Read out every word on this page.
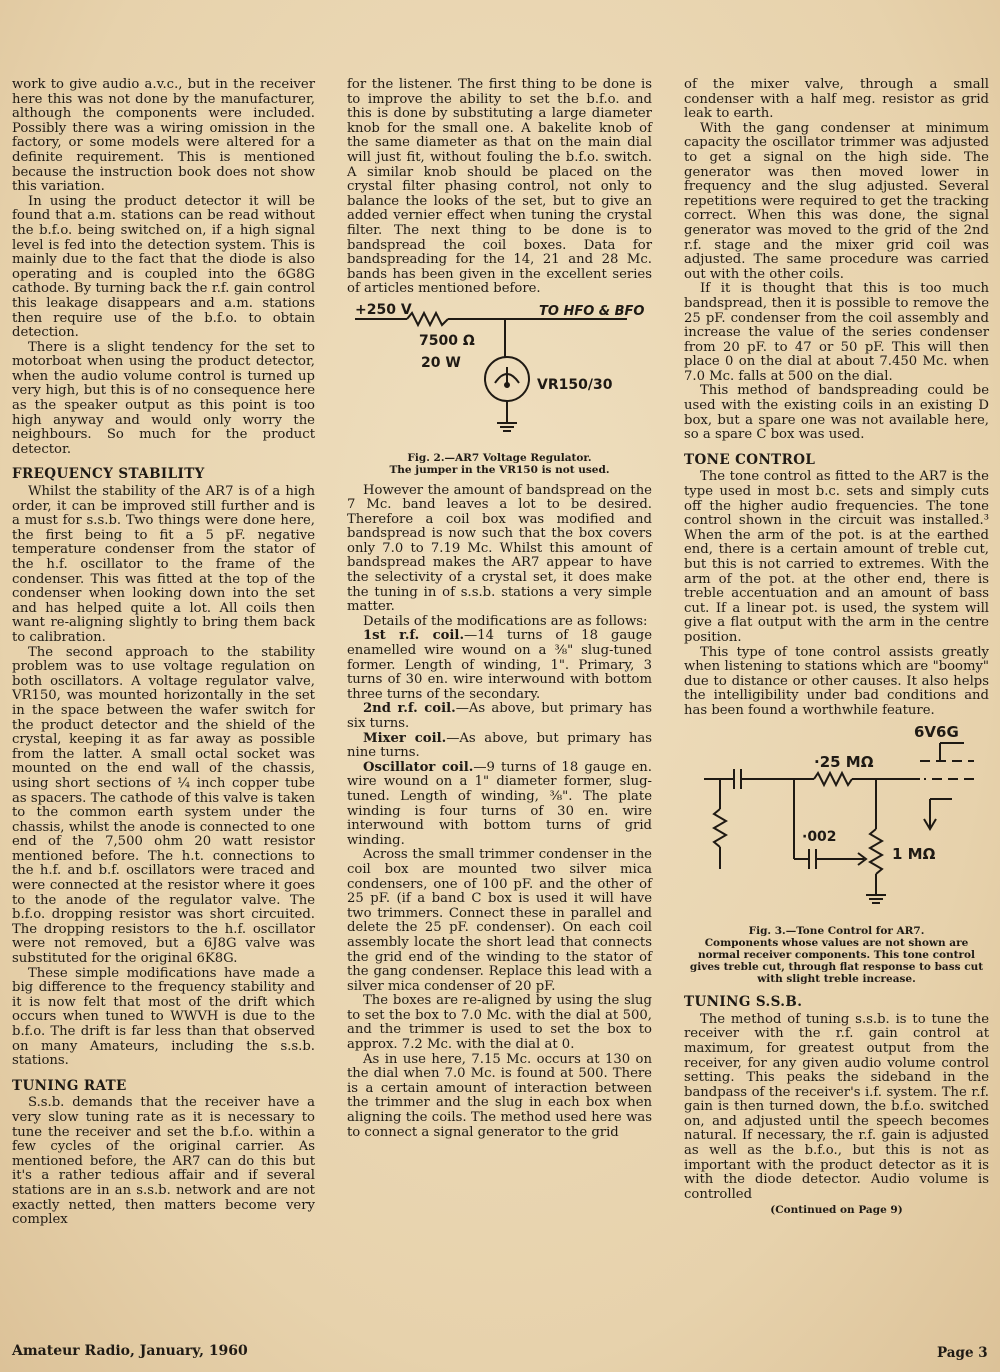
work to give audio a.v.c., but in the receiver here this was not done by the manufacturer, although the components were included. Possibly there was a wiring omission in the factory, or some models were altered for a definite requirement. This is mentioned because the instruction book does not show this variation.

In using the product detector it will be found that a.m. stations can be read without the b.f.o. being switched on, if a high signal level is fed into the detection system. This is mainly due to the fact that the diode is also operating and is coupled into the 6G8G cathode. By turning back the r.f. gain control this leakage disappears and a.m. stations then require use of the b.f.o. to obtain detection.

There is a slight tendency for the set to motorboat when using the product detector, when the audio volume control is turned up very high, but this is of no consequence here as the speaker output as this point is too high anyway and would only worry the neighbours. So much for the product detector.

FREQUENCY STABILITY

Whilst the stability of the AR7 is of a high order, it can be improved still further and is a must for s.s.b. Two things were done here, the first being to fit a 5 pF. negative temperature condenser from the stator of the h.f. oscillator to the frame of the condenser. This was fitted at the top of the condenser when looking down into the set and has helped quite a lot. All coils then want re-aligning slightly to bring them back to calibration.

The second approach to the stability problem was to use voltage regulation on both oscillators. A voltage regulator valve, VR150, was mounted horizontally in the set in the space between the wafer switch for the product detector and the shield of the crystal, keeping it as far away as possible from the latter. A small octal socket was mounted on the end wall of the chassis, using short sections of ¼ inch copper tube as spacers. The cathode of this valve is taken to the common earth system under the chassis, whilst the anode is connected to one end of the 7,500 ohm 20 watt resistor mentioned before. The h.t. connections to the h.f. and b.f. oscillators were traced and were connected at the resistor where it goes to the anode of the regulator valve. The b.f.o. dropping resistor was short circuited. The dropping resistors to the h.f. oscillator were not removed, but a 6J8G valve was substituted for the original 6K8G.

These simple modifications have made a big difference to the frequency stability and it is now felt that most of the drift which occurs when tuned to WWVH is due to the b.f.o. The drift is far less than that observed on many Amateurs, including the s.s.b. stations.

TUNING RATE

S.s.b. demands that the receiver have a very slow tuning rate as it is necessary to tune the receiver and set the b.f.o. within a few cycles of the original carrier. As mentioned before, the AR7 can do this but it's a rather tedious affair and if several stations are in an s.s.b. network and are not exactly netted, then matters become very complex

for the listener. The first thing to be done is to improve the ability to set the b.f.o. and this is done by substituting a large diameter knob for the small one. A bakelite knob of the same diameter as that on the main dial will just fit, without fouling the b.f.o. switch. A similar knob should be placed on the crystal filter phasing control, not only to balance the looks of the set, but to give an added vernier effect when tuning the crystal filter. The next thing to be done is to bandspread the coil boxes. Data for bandspreading for the 14, 21 and 28 Mc. bands has been given in the excellent series of articles mentioned before.

+250 V	TO HFO & BFO
7500 Ω
20 W
VR150/30
Fig. 2.—AR7 Voltage Regulator.
The jumper in the VR150 is not used.

However the amount of bandspread on the 7 Mc. band leaves a lot to be desired. Therefore a coil box was modified and bandspread is now such that the box covers only 7.0 to 7.19 Mc. Whilst this amount of bandspread makes the AR7 appear to have the selectivity of a crystal set, it does make the tuning in of s.s.b. stations a very simple matter.

Details of the modifications are as follows:

1st r.f. coil.—14 turns of 18 gauge enamelled wire wound on a ⅜" slug-tuned former. Length of winding, 1". Primary, 3 turns of 30 en. wire interwound with bottom three turns of the secondary.

2nd r.f. coil.—As above, but primary has six turns.

Mixer coil.—As above, but primary has nine turns.

Oscillator coil.—9 turns of 18 gauge en. wire wound on a 1" diameter former, slug-tuned. Length of winding, ⅜". The plate winding is four turns of 30 en. wire interwound with bottom turns of grid winding.

Across the small trimmer condenser in the coil box are mounted two silver mica condensers, one of 100 pF. and the other of 25 pF. (if a band C box is used it will have two trimmers. Connect these in parallel and delete the 25 pF. condenser). On each coil assembly locate the short lead that connects the grid end of the winding to the stator of the gang condenser. Replace this lead with a silver mica condenser of 20 pF.

The boxes are re-aligned by using the slug to set the box to 7.0 Mc. with the dial at 500, and the trimmer is used to set the box to approx. 7.2 Mc. with the dial at 0.

As in use here, 7.15 Mc. occurs at 130 on the dial when 7.0 Mc. is found at 500. There is a certain amount of interaction between the trimmer and the slug in each box when aligning the coils. The method used here was to connect a signal generator to the grid

of the mixer valve, through a small condenser with a half meg. resistor as grid leak to earth.

With the gang condenser at minimum capacity the oscillator trimmer was adjusted to get a signal on the high side. The generator was then moved lower in frequency and the slug adjusted. Several repetitions were required to get the tracking correct. When this was done, the signal generator was moved to the grid of the 2nd r.f. stage and the mixer grid coil was adjusted. The same procedure was carried out with the other coils.

If it is thought that this is too much bandspread, then it is possible to remove the 25 pF. condenser from the coil assembly and increase the value of the series condenser from 20 pF. to 47 or 50 pF. This will then place 0 on the dial at about 7.450 Mc. when 7.0 Mc. falls at 500 on the dial.

This method of bandspreading could be used with the existing coils in an existing D box, but a spare one was not available here, so a spare C box was used.

TONE CONTROL

The tone control as fitted to the AR7 is the type used in most b.c. sets and simply cuts off the higher audio frequencies. The tone control shown in the circuit was installed.³ When the arm of the pot. is at the earthed end, there is a certain amount of treble cut, but this is not carried to extremes. With the arm of the pot. at the other end, there is treble accentuation and an amount of bass cut. If a linear pot. is used, the system will give a flat output with the arm in the centre position.

This type of tone control assists greatly when listening to stations which are "boomy" due to distance or other causes. It also helps the intelligibility under bad conditions and has been found a worthwhile feature.

6V6G
·25 MΩ
·002
1 MΩ
Fig. 3.—Tone Control for AR7.
Components whose values are not shown are normal receiver components. This tone control gives treble cut, through flat response to bass cut with slight treble increase.
TUNING S.S.B.

The method of tuning s.s.b. is to tune the receiver with the r.f. gain control at maximum, for greatest output from the receiver, for any given audio volume control setting. This peaks the sideband in the bandpass of the receiver's i.f. system. The r.f. gain is then turned down, the b.f.o. switched on, and adjusted until the speech becomes natural. If necessary, the r.f. gain is adjusted as well as the b.f.o., but this is not as important with the product detector as it is with the diode detector. Audio volume is controlled

(Continued on Page 9)
Amateur Radio, January, 1960	Page 3
